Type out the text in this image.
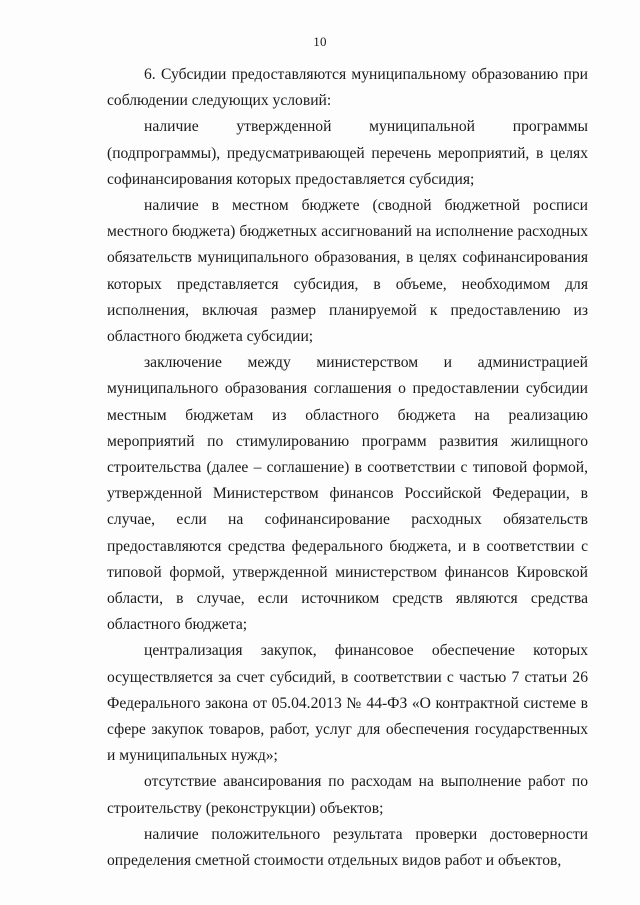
10

6. Субсидии предоставляются муниципальному образованию при соблюдении следующих условий:

наличие утвержденной муниципальной программы (подпрограммы), предусматривающей перечень мероприятий, в целях софинансирования которых предоставляется субсидия;

наличие в местном бюджете (сводной бюджетной росписи местного бюджета) бюджетных ассигнований на исполнение расходных обязательств муниципального образования, в целях софинансирования которых представляется субсидия, в объеме, необходимом для исполнения, включая размер планируемой к предоставлению из областного бюджета субсидии;

заключение между министерством и администрацией муниципального образования соглашения о предоставлении субсидии местным бюджетам из областного бюджета на реализацию мероприятий по стимулированию программ развития жилищного строительства (далее – соглашение) в соответствии с типовой формой, утвержденной Министерством финансов Российской Федерации, в случае, если на софинансирование расходных обязательств предоставляются средства федерального бюджета, и в соответствии с типовой формой, утвержденной министерством финансов Кировской области, в случае, если источником средств являются средства областного бюджета;

централизация закупок, финансовое обеспечение которых осуществляется за счет субсидий, в соответствии с частью 7 статьи 26 Федерального закона от 05.04.2013 № 44-ФЗ «О контрактной системе в сфере закупок товаров, работ, услуг для обеспечения государственных и муниципальных нужд»;

отсутствие авансирования по расходам на выполнение работ по строительству (реконструкции) объектов;

наличие положительного результата проверки достоверности определения сметной стоимости отдельных видов работ и объектов,
